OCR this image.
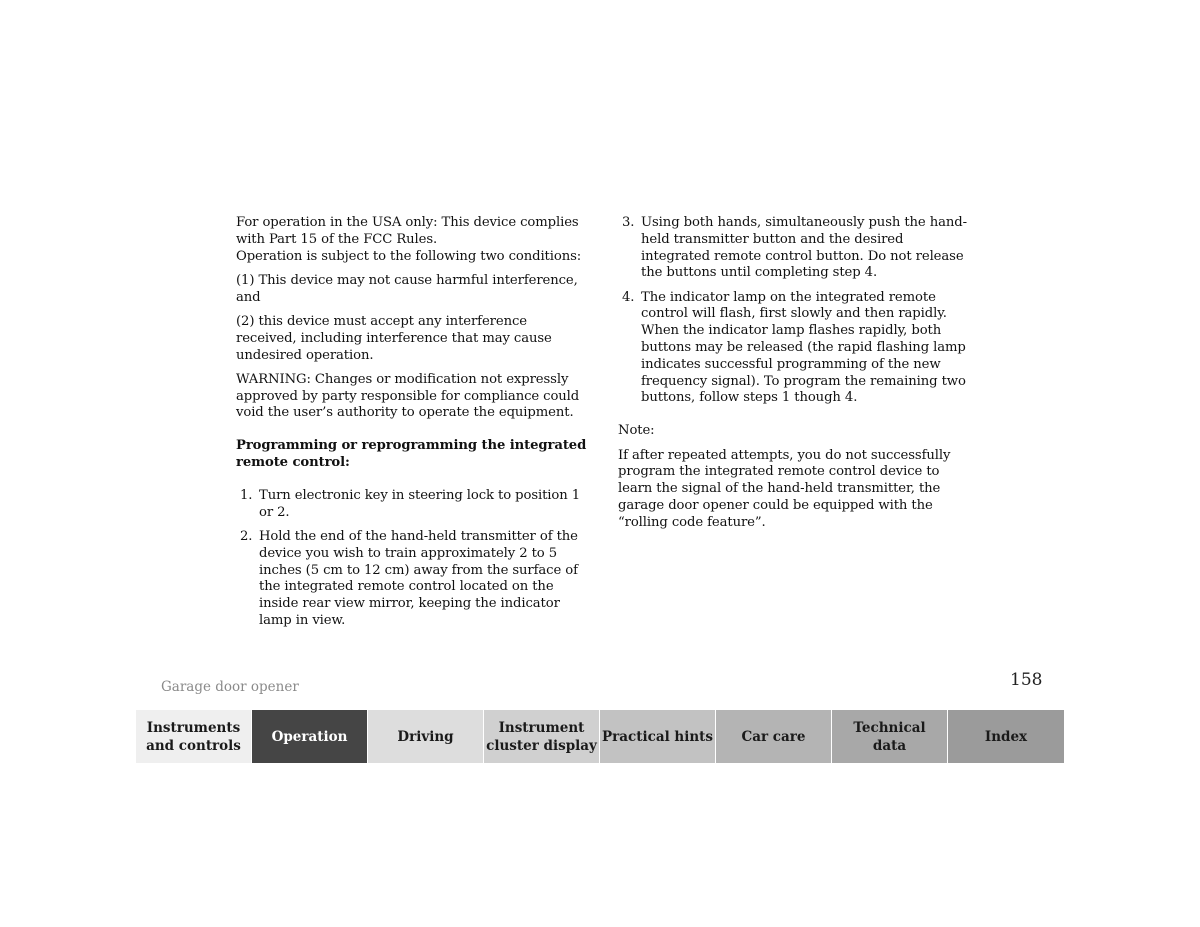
For operation in the USA only: This device complies

with Part 15 of the FCC Rules.

Operation is subject to the following two conditions:

(1) This device may not cause harmful interference, and

(2) this device must accept any interference received, including interference that may cause undesired operation.

WARNING: Changes or modification not expressly approved by party responsible for compliance could void the user’s authority to operate the equipment.

Programming or reprogramming the integrated remote control:

1. Turn electronic key in steering lock to position 1 or 2.
2. Hold the end of the hand-held transmitter of the device you wish to train approximately 2 to 5 inches (5 cm to 12 cm) away from the surface of the integrated remote control located on the inside rear view mirror, keeping the indicator lamp in view.
3. Using both hands, simultaneously push the hand-held transmitter button and the desired integrated remote control button. Do not release the buttons until completing step 4.
4. The indicator lamp on the integrated remote control will flash, first slowly and then rapidly. When the indicator lamp flashes rapidly, both buttons may be released (the rapid flashing lamp indicates successful programming of the new frequency signal). To program the remaining two buttons, follow steps 1 though 4.

Note:

If after repeated attempts, you do not successfully program the integrated remote control device to learn the signal of the hand-held transmitter, the garage door opener could be equipped with the “rolling code feature”.

Garage door opener	158
Instruments
and controls
Operation	Driving
Instrument
cluster display
Practical hints Car care
Technical
data
Index
